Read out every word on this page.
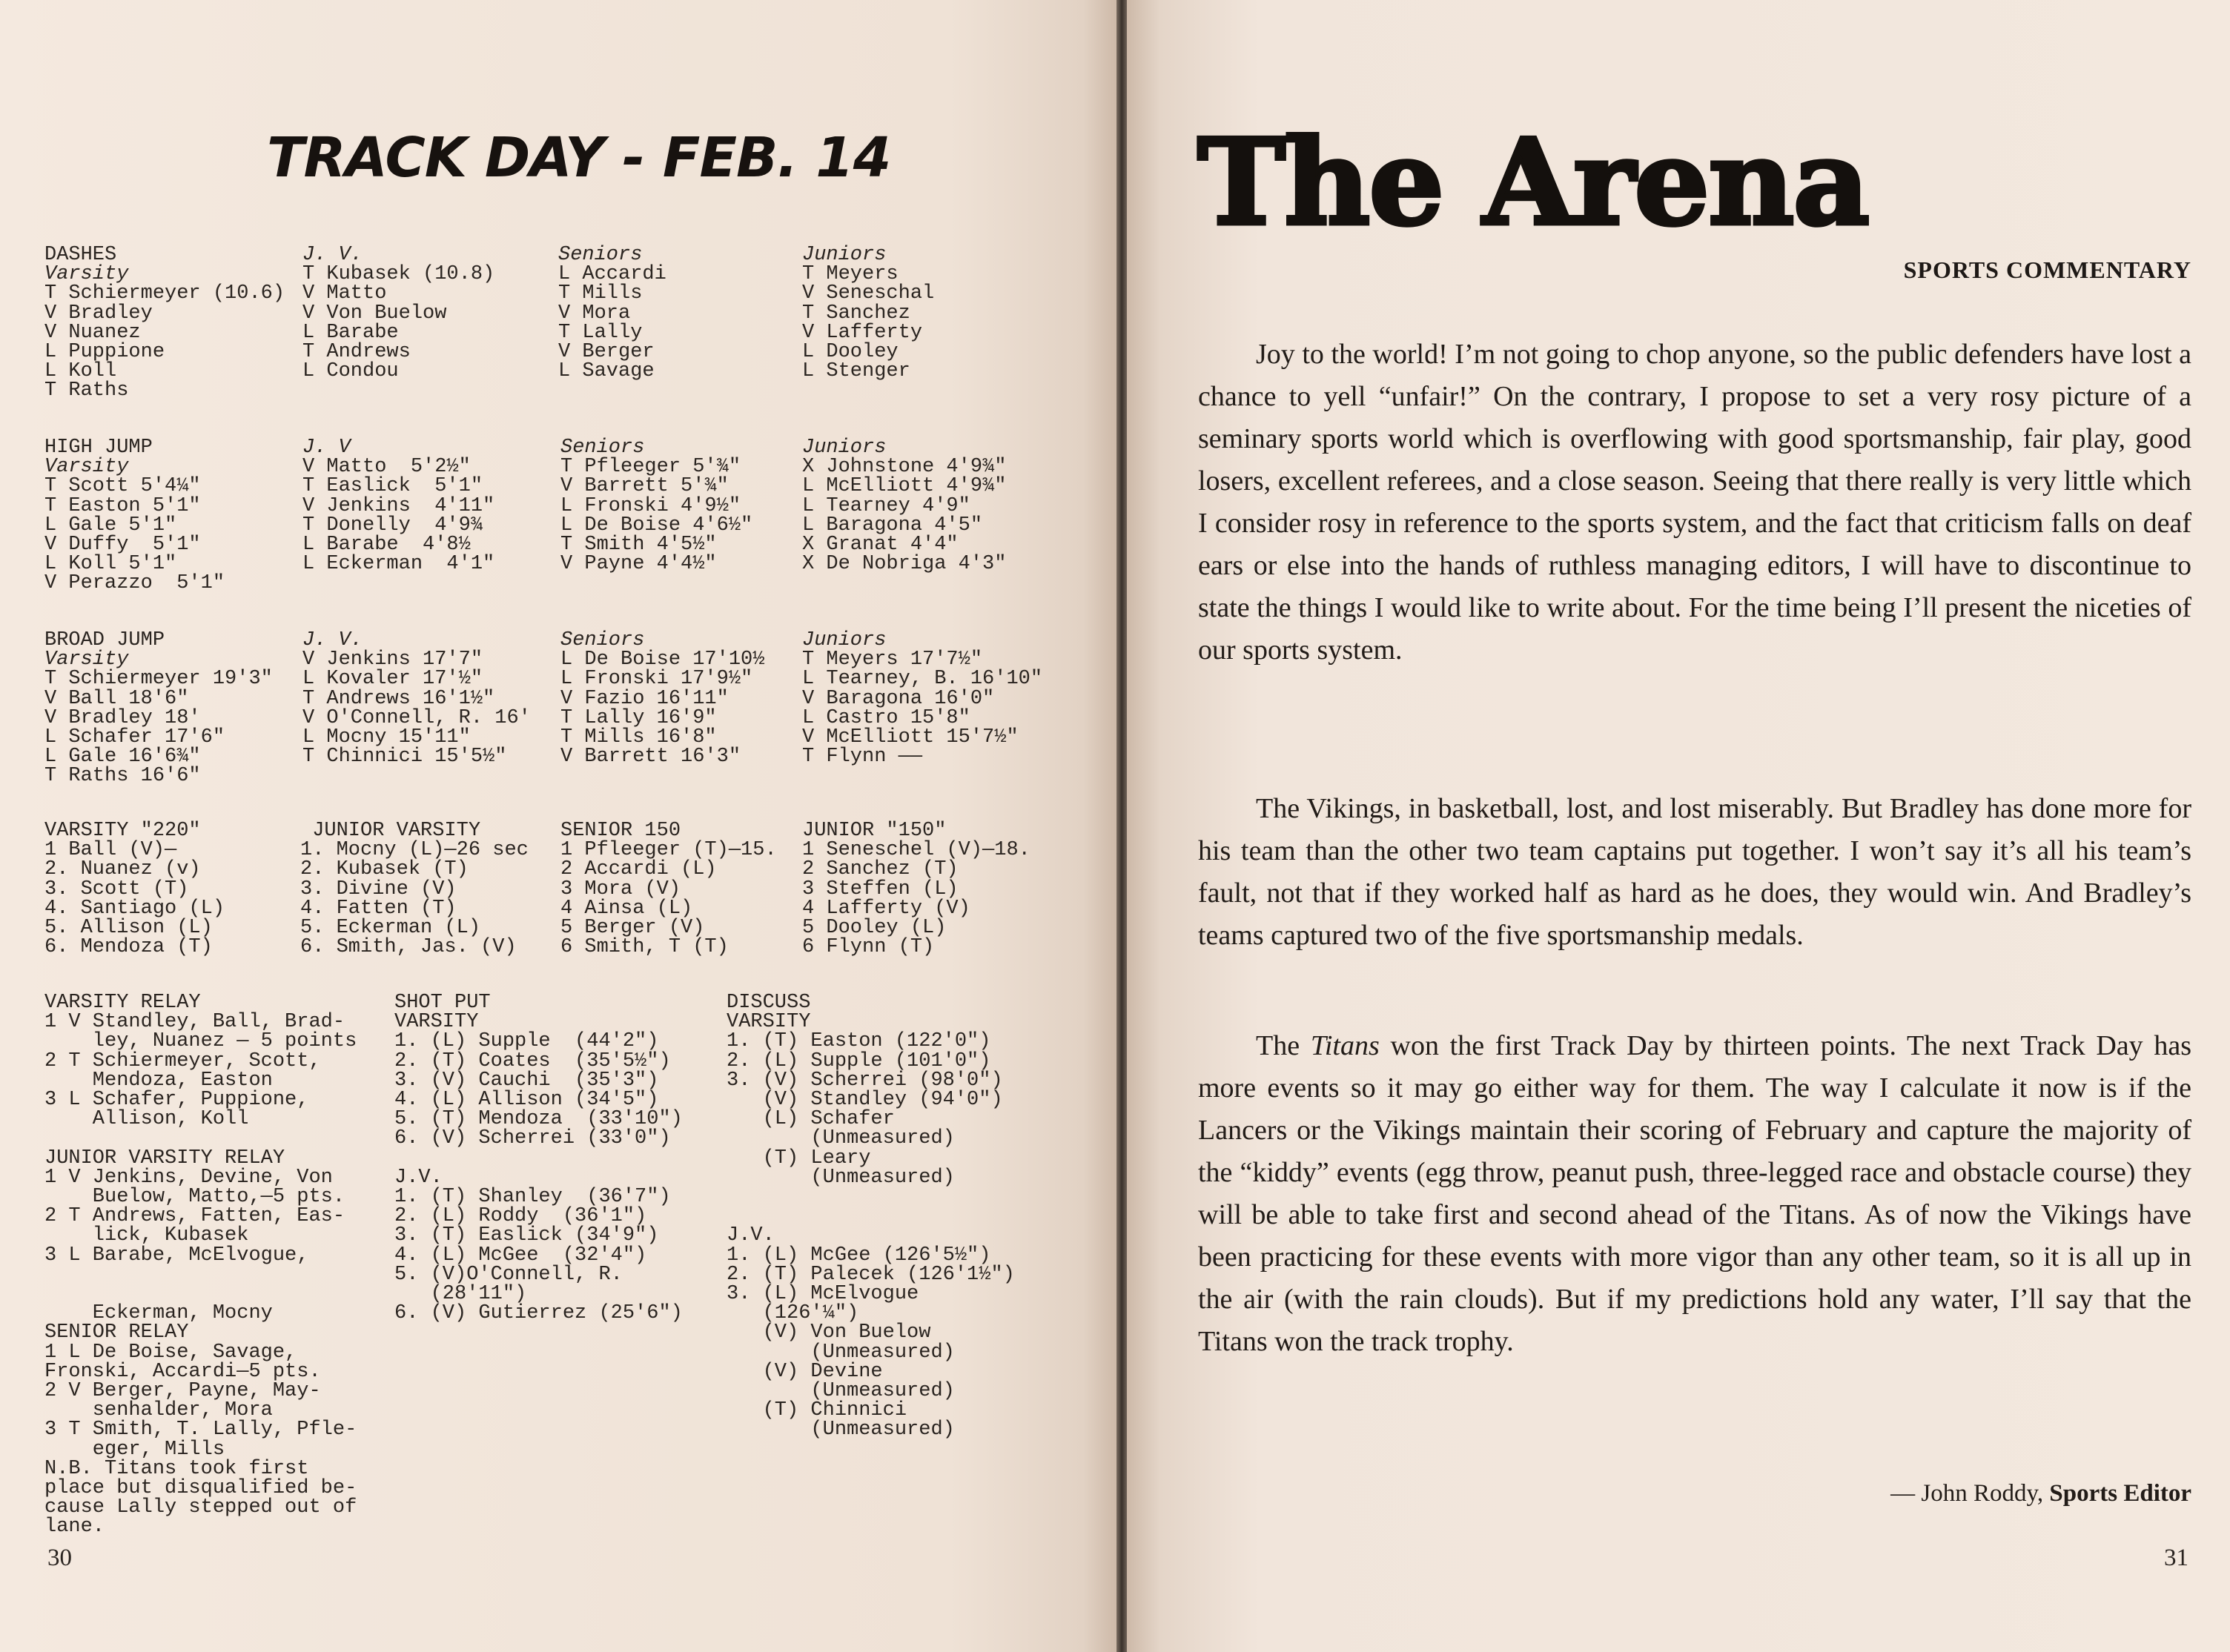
TRACK DAY - FEB. 14
DASHES
Varsity
T Schiermeyer (10.6)
V Bradley
V Nuanez
L Puppione
L Koll
T Raths
J. V.
T Kubasek (10.8)
V Matto
V Von Buelow
L Barabe
T Andrews
L Condou
Seniors
L Accardi
T Mills
V Mora
T Lally
V Berger
L Savage
Juniors
T Meyers
V Seneschal
T Sanchez
V Lafferty
L Dooley
L Stenger
HIGH JUMP
Varsity
T Scott 5'4¼"
T Easton 5'1"
L Gale 5'1"
V Duffy  5'1"
L Koll 5'1"
V Perazzo  5'1"
J. V
V Matto  5'2½"
T Easlick  5'1"
V Jenkins  4'11"
T Donelly  4'9¾
L Barabe  4'8½
L Eckerman  4'1"
Seniors
T Pfleeger 5'¾"
V Barrett 5'¾"
L Fronski 4'9½"
L De Boise 4'6½"
T Smith 4'5½"
V Payne 4'4½"
Juniors
X Johnstone 4'9¾"
L McElliott 4'9¾"
L Tearney 4'9"
L Baragona 4'5"
X Granat 4'4"
X De Nobriga 4'3"
BROAD JUMP
Varsity
T Schiermeyer 19'3"
V Ball 18'6"
V Bradley 18'
L Schafer 17'6"
L Gale 16'6¾"
T Raths 16'6"
J. V.
V Jenkins 17'7"
L Kovaler 17'½"
T Andrews 16'1½"
V O'Connell, R. 16'
L Mocny 15'11"
T Chinnici 15'5½"
Seniors
L De Boise 17'10½
L Fronski 17'9½"
V Fazio 16'11"
T Lally 16'9"
T Mills 16'8"
V Barrett 16'3"
Juniors
T Meyers 17'7½"
L Tearney, B. 16'10"
V Baragona 16'0"
L Castro 15'8"
V McElliott 15'7½"
T Flynn ——
VARSITY "220"
1 Ball (V)—
2. Nuanez (v)
3. Scott (T)
4. Santiago (L)
5. Allison (L)
6. Mendoza (T)
JUNIOR VARSITY
1. Mocny (L)—26 sec
2. Kubasek (T)
3. Divine (V)
4. Fatten (T)
5. Eckerman (L)
6. Smith, Jas. (V)
SENIOR 150
1 Pfleeger (T)—15.
2 Accardi (L)
3 Mora (V)
4 Ainsa (L)
5 Berger (V)
6 Smith, T (T)
JUNIOR "150"
1 Seneschel (V)—18.
2 Sanchez (T)
3 Steffen (L)
4 Lafferty (V)
5 Dooley (L)
6 Flynn (T)
VARSITY RELAY
1 V Standley, Ball, Brad-
ley, Nuanez — 5 points
2 T Schiermeyer, Scott,
Mendoza, Easton
3 L Schafer, Puppione,
Allison, Koll

JUNIOR VARSITY RELAY
1 V Jenkins, Devine, Von
Buelow, Matto,—5 pts.
2 T Andrews, Fatten, Eas-
lick, Kubasek
3 L Barabe, McElvogue,

Eckerman, Mocny
SENIOR RELAY
1 L De Boise, Savage,
Fronski, Accardi—5 pts.
2 V Berger, Payne, May-
senhalder, Mora
3 T Smith, T. Lally, Pfle-
eger, Mills
N.B. Titans took first
place but disqualified be-
cause Lally stepped out of
lane.
SHOT PUT
VARSITY
1. (L) Supple  (44'2")
2. (T) Coates  (35'5½")
3. (V) Cauchi  (35'3")
4. (L) Allison (34'5")
5. (T) Mendoza  (33'10")
6. (V) Scherrei (33'0")

J.V.
1. (T) Shanley  (36'7")
2. (L) Roddy  (36'1")
3. (T) Easlick (34'9")
4. (L) McGee  (32'4")
5. (V)O'Connell, R.
(28'11")
6. (V) Gutierrez (25'6")
DISCUSS
VARSITY
1. (T) Easton (122'0")
2. (L) Supple (101'0")
3. (V) Scherrei (98'0")
(V) Standley (94'0")
(L) Schafer
(Unmeasured)
(T) Leary
(Unmeasured)

J.V.
1. (L) McGee (126'5½")
2. (T) Palecek (126'1½")
3. (L) McElvogue
(126'¼")
(V) Von Buelow
(Unmeasured)
(V) Devine
(Unmeasured)
(T) Chinnici
(Unmeasured)
30
The Arena
SPORTS COMMENTARY

Joy to the world! I’m not going to chop anyone, so the public defenders have lost a chance to yell “unfair!” On the contrary, I propose to set a very rosy picture of a seminary sports world which is overflowing with good sportsmanship, fair play, good losers, excellent referees, and a close season. Seeing that there really is very little which I consider rosy in reference to the sports system, and the fact that criticism falls on deaf ears or else into the hands of ruthless managing editors, I will have to discontinue to state the things I would like to write about. For the time being I’ll present the niceties of our sports system.

The Vikings, in basketball, lost, and lost miserably. But Bradley has done more for his team than the other two team captains put together. I won’t say it’s all his team’s fault, not that if they worked half as hard as he does, they would win. And Bradley’s teams captured two of the five sportsmanship medals.

The Titans won the first Track Day by thirteen points. The next Track Day has more events so it may go either way for them. The way I calculate it now is if the Lancers or the Vikings maintain their scoring of February and capture the majority of the “kiddy” events (egg throw, peanut push, three-legged race and obstacle course) they will be able to take first and second ahead of the Titans. As of now the Vikings have been practicing for these events with more vigor than any other team, so it is all up in the air (with the rain clouds). But if my predictions hold any water, I’ll say that the Titans won the track trophy.

— John Roddy, Sports Editor
31
